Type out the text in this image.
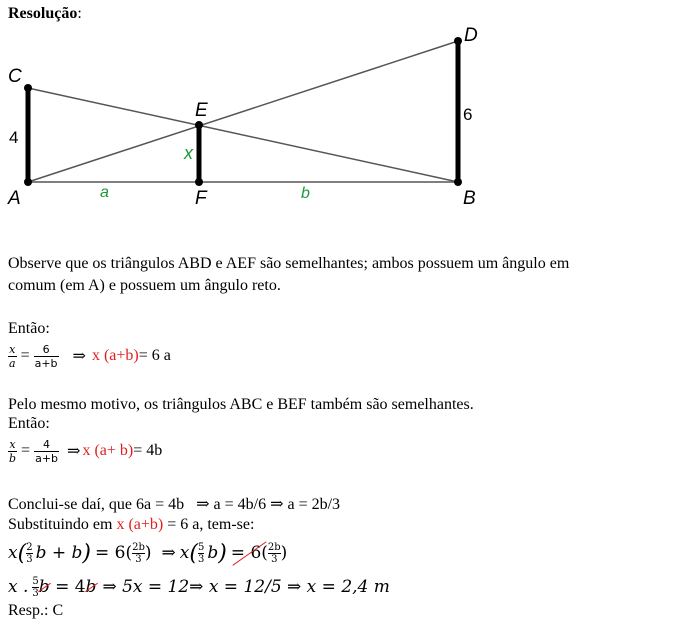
Resolução:
C
A
E
F
D
B
4
6
x
a	b
Observe que os triângulos ABD e AEF são semelhantes; ambos possuem um ângulo em
comum (em A) e possuem um ângulo reto.
Então:
$\frac{x}{a} = \frac{6}{a+b}$ ⇒ x (a+b) = 6 a
Pelo mesmo motivo, os triângulos ABC e BEF também são semelhantes.
Então:
$\frac{x}{b} = \frac{4}{a+b}$ ⇒ x (a+ b) = 4b
Conclui-se daí, que 6a = 4b   ⇒ a = 4b/6 ⇒ a = 2b/3
Substituindo em x (a+b) = 6 a, tem-se:
x ( $\frac{2}{3}$ b + b ) = $6( \frac{2b}{3}$ ) ⇒ x ( $\frac{5}{3}$ b ) = $6( \frac{2b}{3}$ )
x . $\frac{5}{3}$ b = 4 b ⇒ 5x = 12⇒ x = 12/5 ⇒ x = 2,4 m
Resp.: C
